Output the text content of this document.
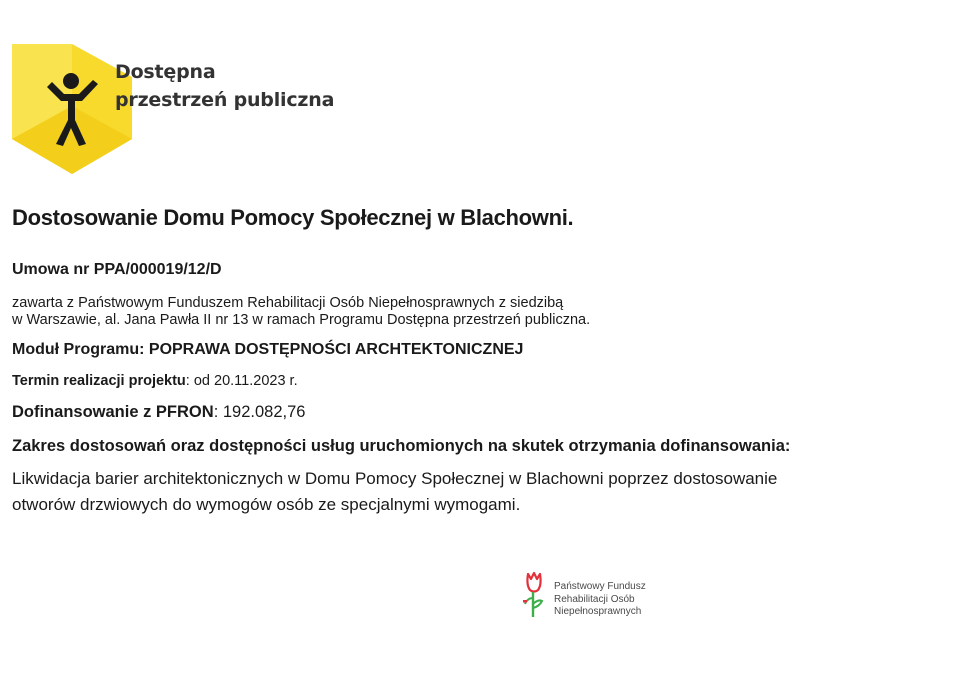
Dostępna
przestrzeń publiczna
Dostosowanie Domu Pomocy Społecznej w Blachowni.
Umowa nr PPA/000019/12/D
zawarta z Państwowym Funduszem Rehabilitacji Osób Niepełnosprawnych z siedzibą
w Warszawie, al. Jana Pawła II nr 13 w ramach Programu Dostępna przestrzeń publiczna.
Moduł Programu: POPRAWA DOSTĘPNOŚCI ARCHTEKTONICZNEJ
Termin realizacji projektu: od 20.11.2023 r.
Dofinansowanie z PFRON: 192.082,76
Zakres dostosowań oraz dostępności usług uruchomionych na skutek otrzymania dofinansowania:
Likwidacja barier architektonicznych w Domu Pomocy Społecznej w Blachowni poprzez dostosowanie
otworów drzwiowych do wymogów osób ze specjalnymi wymogami.
Państwowy Fundusz
Rehabilitacji Osób
Niepełnosprawnych
